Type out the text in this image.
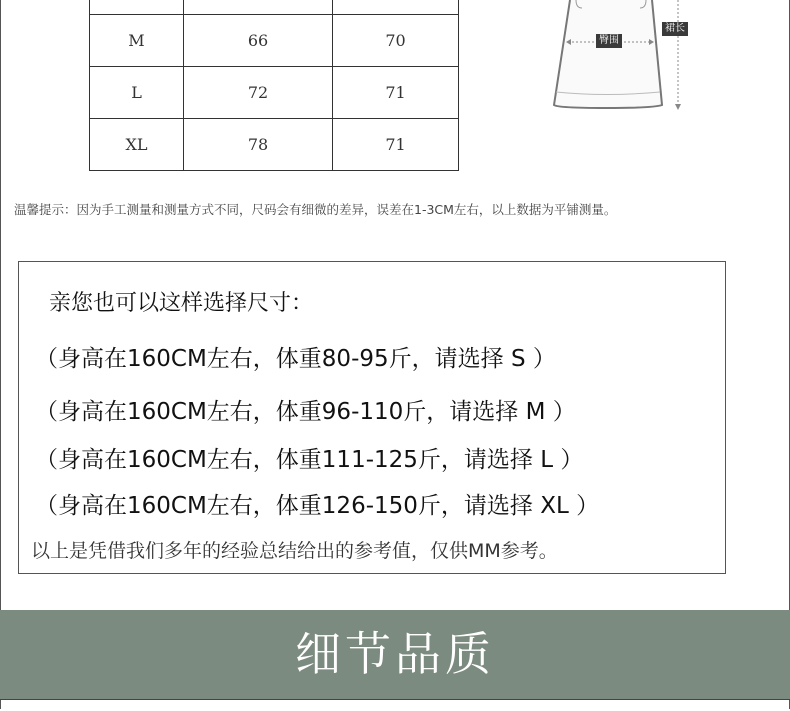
M	66	70
L	72	71
XL	78	71
臀围
裙长
温馨提示：因为手工测量和测量方式不同，尺码会有细微的差异，误差在1-3CM左右，以上数据为平铺测量。
亲您也可以这样选择尺寸：
（身高在160CM左右，体重80-95斤，请选择 S ）
（身高在160CM左右，体重96-110斤，请选择 M ）
（身高在160CM左右，体重111-125斤，请选择 L ）
（身高在160CM左右，体重126-150斤，请选择 XL ）
以上是凭借我们多年的经验总结给出的参考值，仅供MM参考。
细节品质
